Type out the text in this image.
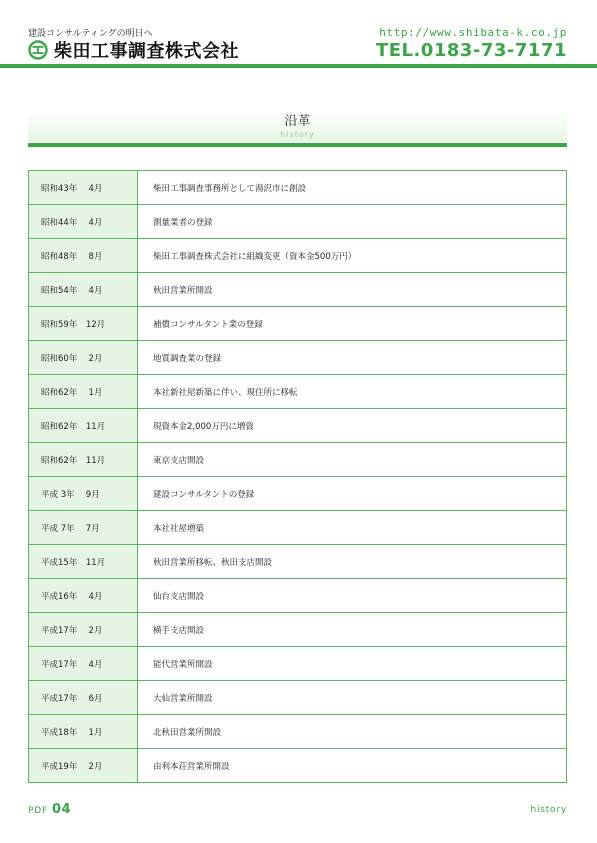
建設コンサルティングの明日へ
柴田工事調査株式会社
http://www.shibata-k.co.jp
TEL.0183-73-7171
沿革
history
昭和43年　 4月	柴田工事調査事務所として湯沢市に創設
昭和44年　 4月	測量業者の登録
昭和48年　 8月	柴田工事調査株式会社に組織変更（資本金500万円）
昭和54年　 4月	秋田営業所開設
昭和59年　12月	補償コンサルタント業の登録
昭和60年　 2月	地質調査業の登録
昭和62年　 1月	本社新社屋新築に伴い、現住所に移転
昭和62年　11月	現資本金2,000万円に増資
昭和62年　11月	東京支店開設
平成 3年　 9月	建設コンサルタントの登録
平成 7年　 7月	本社社屋増築
平成15年　11月	秋田営業所移転、秋田支店開設
平成16年　 4月	仙台支店開設
平成17年　 2月	横手支店開設
平成17年　 4月	能代営業所開設
平成17年　 6月	大仙営業所開設
平成18年　 1月	北秋田営業所開設
平成19年　 2月	由利本荘営業所開設
PDF 04	history
